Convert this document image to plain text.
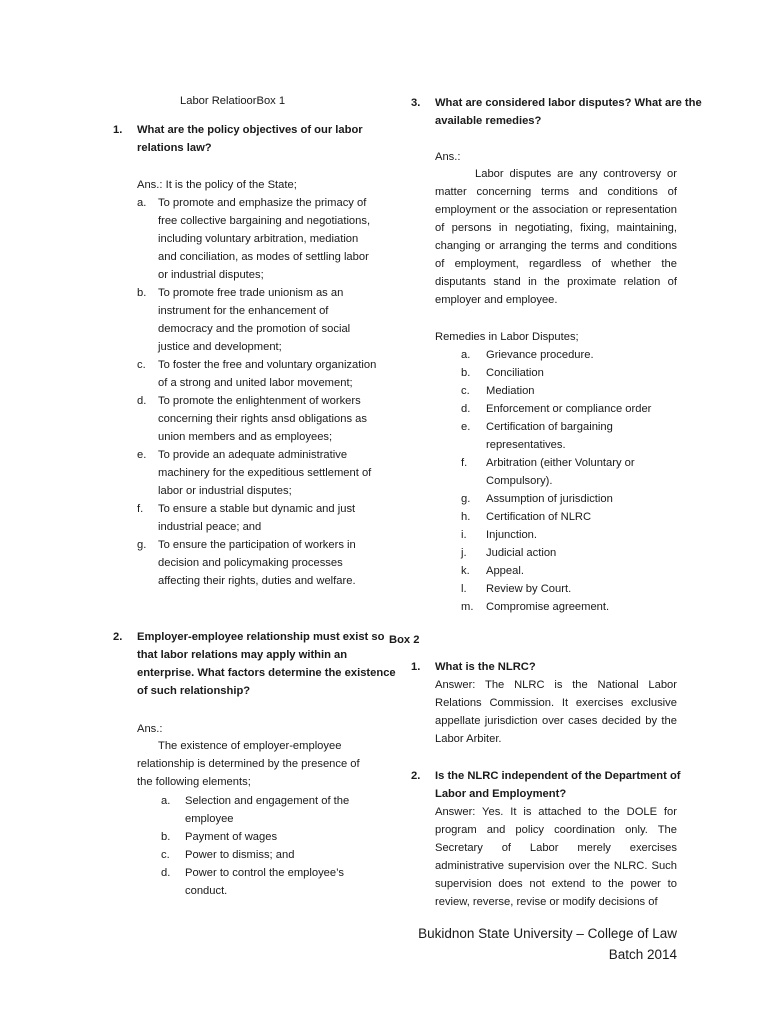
Labor RelatioorBox 1
1. What are the policy objectives of our labor relations law?
Ans.: It is the policy of the State;
a. To promote and emphasize the primacy of free collective bargaining and negotiations, including voluntary arbitration, mediation and conciliation, as modes of settling labor or industrial disputes;
b. To promote free trade unionism as an instrument for the enhancement of democracy and the promotion of social justice and development;
c. To foster the free and voluntary organization of a strong and united labor movement;
d. To promote the enlightenment of workers concerning their rights ansd obligations as union members and as employees;
e. To provide an adequate administrative machinery for the expeditious settlement of labor or industrial disputes;
f. To ensure a stable but dynamic and just industrial peace; and
g. To ensure the participation of workers in decision and policymaking processes affecting their rights, duties and welfare.
2. Employer-employee relationship must exist so that labor relations may apply within an enterprise. What factors determine the existence of such relationship?
Ans.:
The existence of employer-employee relationship is determined by the presence of the following elements;
a. Selection and engagement of the employee
b. Payment of wages
c. Power to dismiss; and
d. Power to control the employee’s conduct.
3. What are considered labor disputes? What are the available remedies?
Ans.:
Labor disputes are any controversy or matter concerning terms and conditions of employment or the association or representation of persons in negotiating, fixing, maintaining, changing or arranging the terms and conditions of employment, regardless of whether the disputants stand in the proximate relation of employer and employee.
Remedies in Labor Disputes;
a. Grievance procedure.
b. Conciliation
c. Mediation
d. Enforcement or compliance order
e. Certification of bargaining representatives.
f. Arbitration (either Voluntary or Compulsory).
g. Assumption of jurisdiction
h. Certification of NLRC
i. Injunction.
j. Judicial action
k. Appeal.
l. Review by Court.
m. Compromise agreement.
Box 2
1. What is the NLRC?
Answer: The NLRC is the National Labor Relations Commission. It exercises exclusive appellate jurisdiction over cases decided by the Labor Arbiter.
2. Is the NLRC independent of the Department of Labor and Employment?
Answer: Yes. It is attached to the DOLE for program and policy coordination only. The Secretary of Labor merely exercises administrative supervision over the NLRC. Such supervision does not extend to the power to review, reverse, revise or modify decisions of
Bukidnon State University – College of Law
Batch 2014
